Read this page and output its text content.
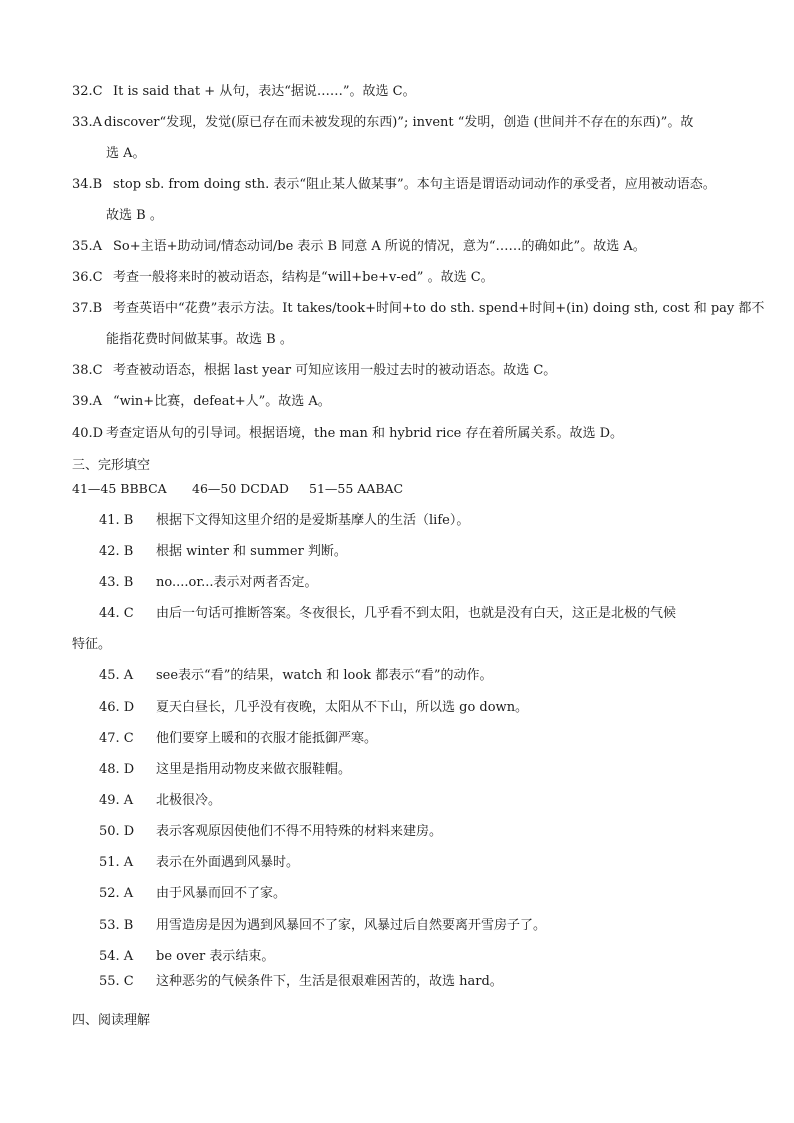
32.C It is said that + 从句，表达“据说……”。故选 C。
33.A discover“发现，发觉(原已存在而未被发现的东西)”; invent “发明，创造 (世间并不存在的东西)”。故
选 A。
34.B stop sb. from doing sth. 表示“阻止某人做某事”。本句主语是谓语动词动作的承受者，应用被动语态。
故选 B 。
35.A So+主语+助动词/情态动词/be 表示 B 同意 A 所说的情况，意为“……的确如此”。故选 A。
36.C 考查一般将来时的被动语态，结构是“will+be+v-ed” 。故选 C。
37.B 考查英语中“花费”表示方法。It takes/took+时间+to do sth. spend+时间+(in) doing sth, cost 和 pay 都不
能指花费时间做某事。故选 B 。
38.C 考查被动语态，根据 last year 可知应该用一般过去时的被动语态。故选 C。
39.A “win+比赛，defeat+人”。故选 A。
40.D 考查定语从句的引导词。根据语境，the man 和 hybrid rice 存在着所属关系。故选 D。
三、完形填空
41—45 BBBCA 46—50 DCDAD 51—55 AABAC
41. B 根据下文得知这里介绍的是爱斯基摩人的生活（life）。
42. B 根据 winter 和 summer 判断。
43. B no....or...表示对两者否定。
44. C 由后一句话可推断答案。冬夜很长，几乎看不到太阳，也就是没有白天，这正是北极的气候
特征。
45. A see表示“看”的结果，watch 和 look 都表示“看”的动作。
46. D 夏天白昼长，几乎没有夜晚，太阳从不下山，所以选 go down。
47. C 他们要穿上暖和的衣服才能抵御严寒。
48. D 这里是指用动物皮来做衣服鞋帽。
49. A 北极很冷。
50. D 表示客观原因使他们不得不用特殊的材料来建房。
51. A 表示在外面遇到风暴时。
52. A 由于风暴而回不了家。
53. B 用雪造房是因为遇到风暴回不了家，风暴过后自然要离开雪房子了。
54. A be over 表示结束。
55. C 这种恶劣的气候条件下，生活是很艰难困苦的，故选 hard。
四、阅读理解
